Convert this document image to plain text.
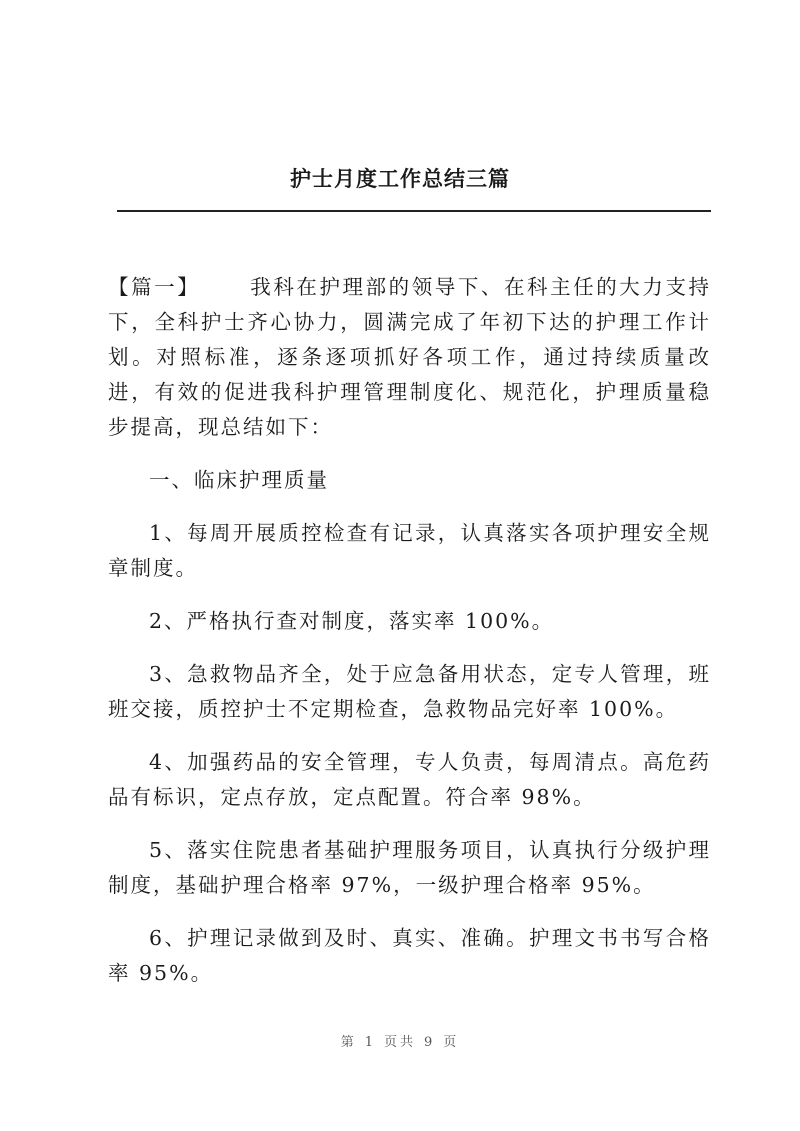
护士月度工作总结三篇

【篇一】 我科在护理部的领导下、在科主任的大力支持下，全科护士齐心协力，圆满完成了年初下达的护理工作计划。对照标准，逐条逐项抓好各项工作，通过持续质量改进，有效的促进我科护理管理制度化、规范化，护理质量稳步提高，现总结如下：

一、临床护理质量

1、每周开展质控检查有记录，认真落实各项护理安全规章制度。

2、严格执行查对制度，落实率 100%。

3、急救物品齐全，处于应急备用状态，定专人管理，班班交接，质控护士不定期检查，急救物品完好率 100%。

4、加强药品的安全管理，专人负责，每周清点。高危药品有标识，定点存放，定点配置。符合率 98%。

5、落实住院患者基础护理服务项目，认真执行分级护理制度，基础护理合格率 97%，一级护理合格率 95%。

6、护理记录做到及时、真实、准确。护理文书书写合格率 95%。

第 1 页共 9 页
